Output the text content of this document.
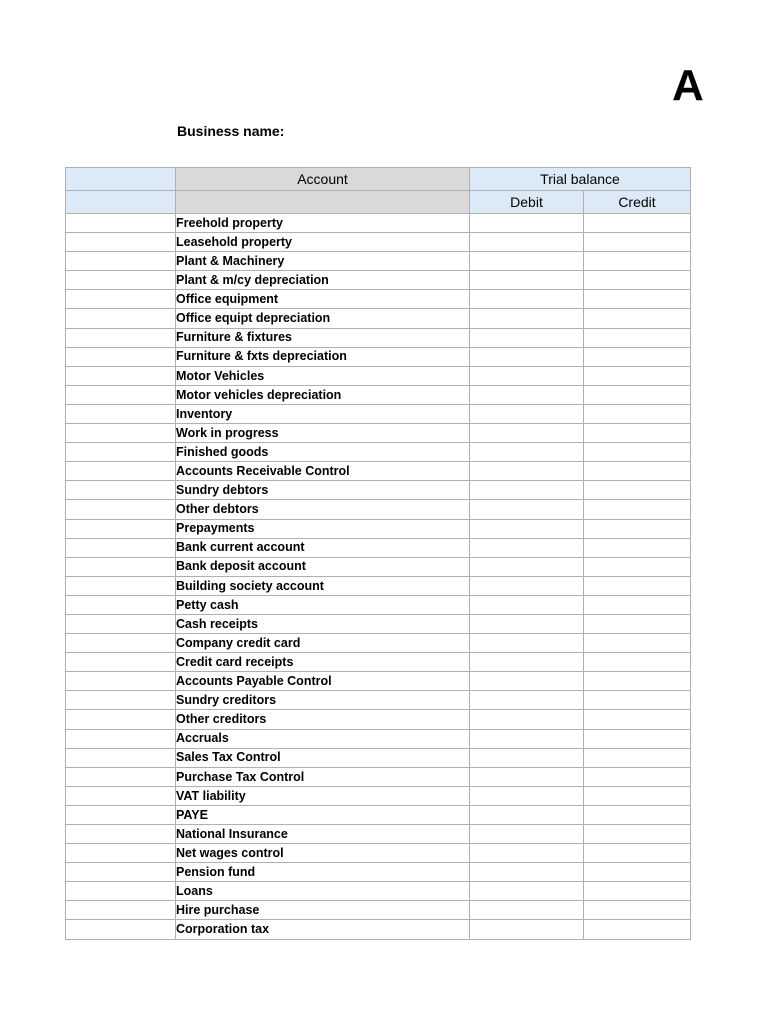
A
Business name:
	Account	Trial balance	
		Debit	Credit
	Freehold property		
	Leasehold property		
	Plant & Machinery		
	Plant & m/cy depreciation		
	Office equipment		
	Office equipt depreciation		
	Furniture & fixtures		
	Furniture & fxts depreciation		
	Motor Vehicles		
	Motor vehicles depreciation		
	Inventory		
	Work in progress		
	Finished goods		
	Accounts Receivable Control		
	Sundry debtors		
	Other debtors		
	Prepayments		
	Bank current account		
	Bank deposit account		
	Building society account		
	Petty cash		
	Cash receipts		
	Company credit card		
	Credit card receipts		
	Accounts Payable Control		
	Sundry creditors		
	Other creditors		
	Accruals		
	Sales Tax Control		
	Purchase Tax Control		
	VAT liability		
	PAYE		
	National Insurance		
	Net wages control		
	Pension fund		
	Loans		
	Hire purchase		
	Corporation tax		
